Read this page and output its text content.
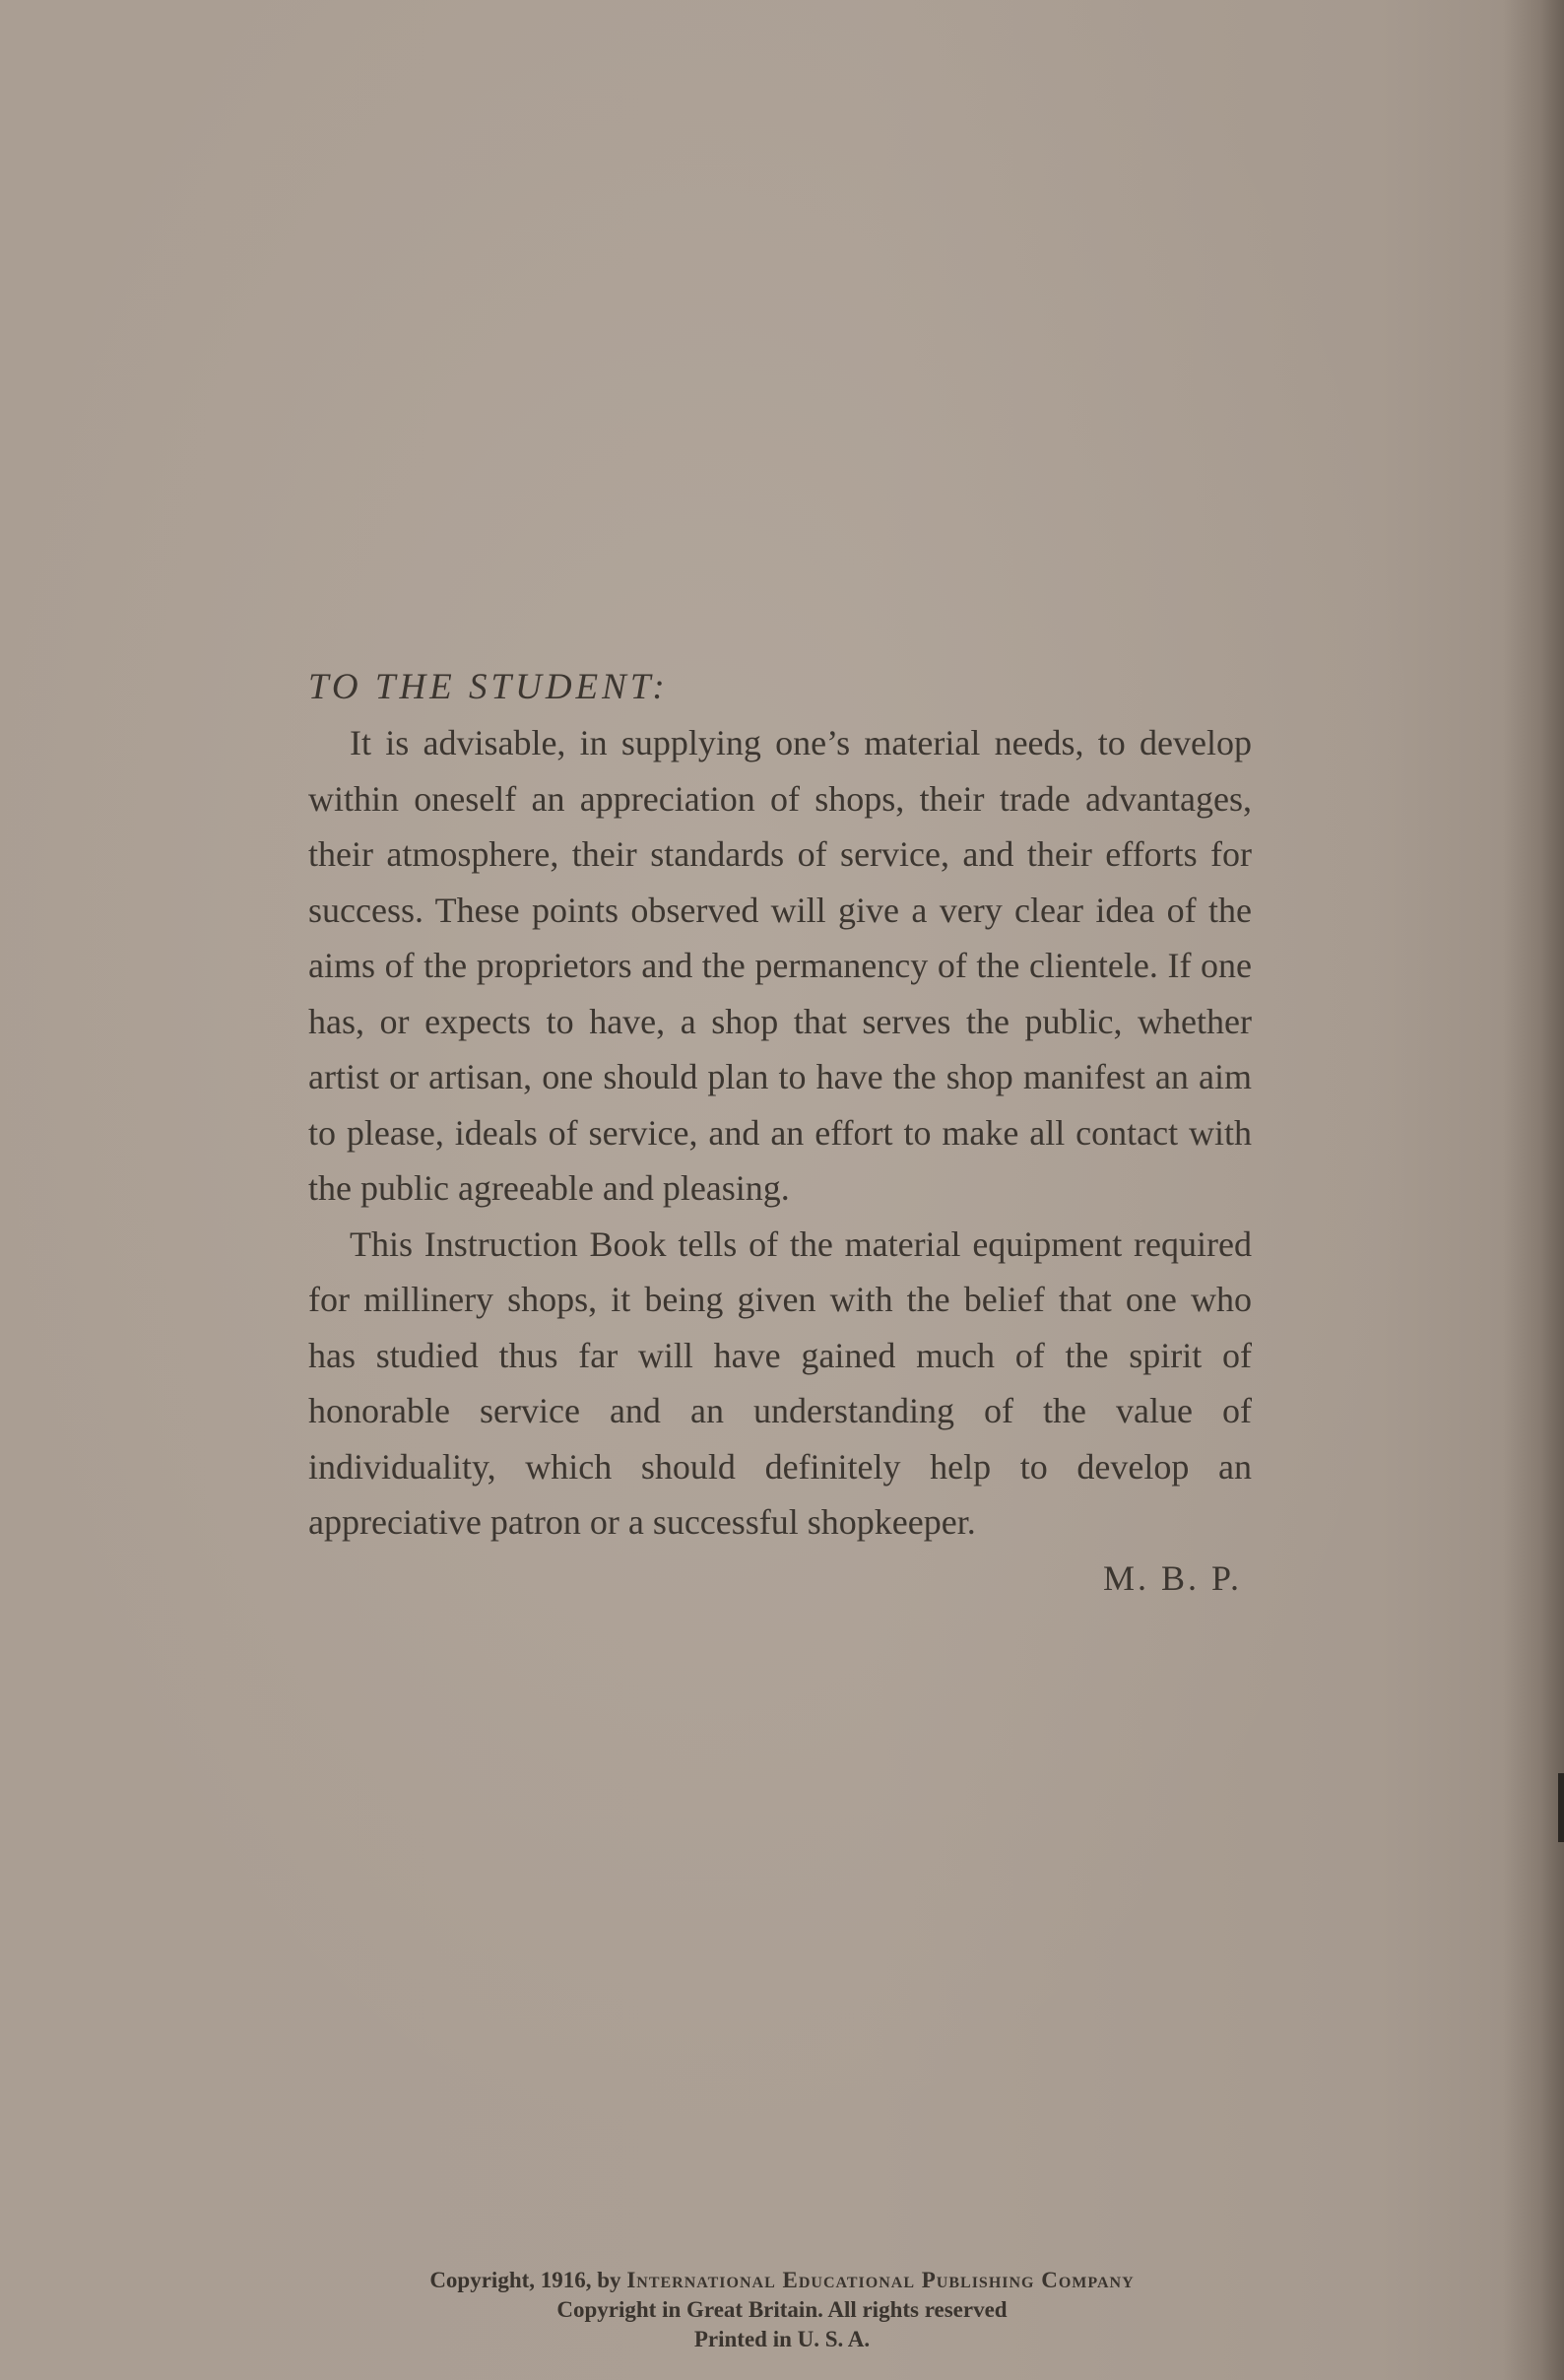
TO THE STUDENT:

It is advisable, in supplying one’s material needs, to develop within oneself an appreciation of shops, their trade advantages, their atmosphere, their standards of service, and their efforts for success. These points observed will give a very clear idea of the aims of the proprietors and the permanency of the clientele. If one has, or expects to have, a shop that serves the public, whether artist or artisan, one should plan to have the shop manifest an aim to please, ideals of service, and an effort to make all contact with the public agreeable and pleasing.

This Instruction Book tells of the material equipment required for millinery shops, it being given with the belief that one who has studied thus far will have gained much of the spirit of honorable service and an understanding of the value of individuality, which should definitely help to develop an appreciative patron or a successful shopkeeper.

M. B. P.

Copyright, 1916, by International Educational Publishing Company
Copyright in Great Britain. All rights reserved
Printed in U. S. A.
